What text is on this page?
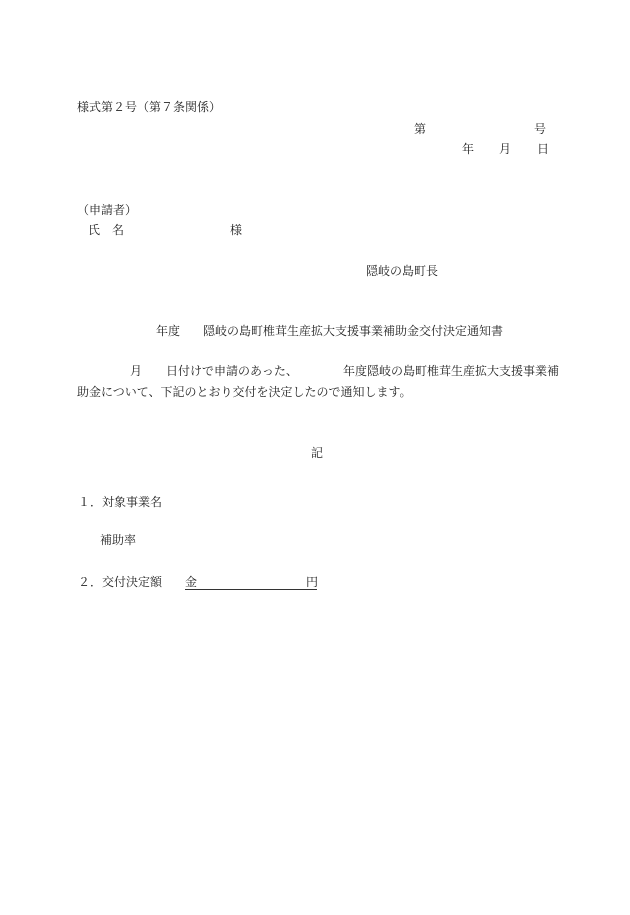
様式第２号（第７条関係）
第	号
年 月 日
（申請者）
氏 名	様
隠岐の島町長
年度 隠岐の島町椎茸生産拡大支援事業補助金交付決定通知書
月 日付けで申請のあった、	年度隠岐の島町椎茸生産拡大支援事業補
助金について、下記のとおり交付を決定したので通知します。
記
１．対象事業名
補助率
２．交付決定額 金	円
